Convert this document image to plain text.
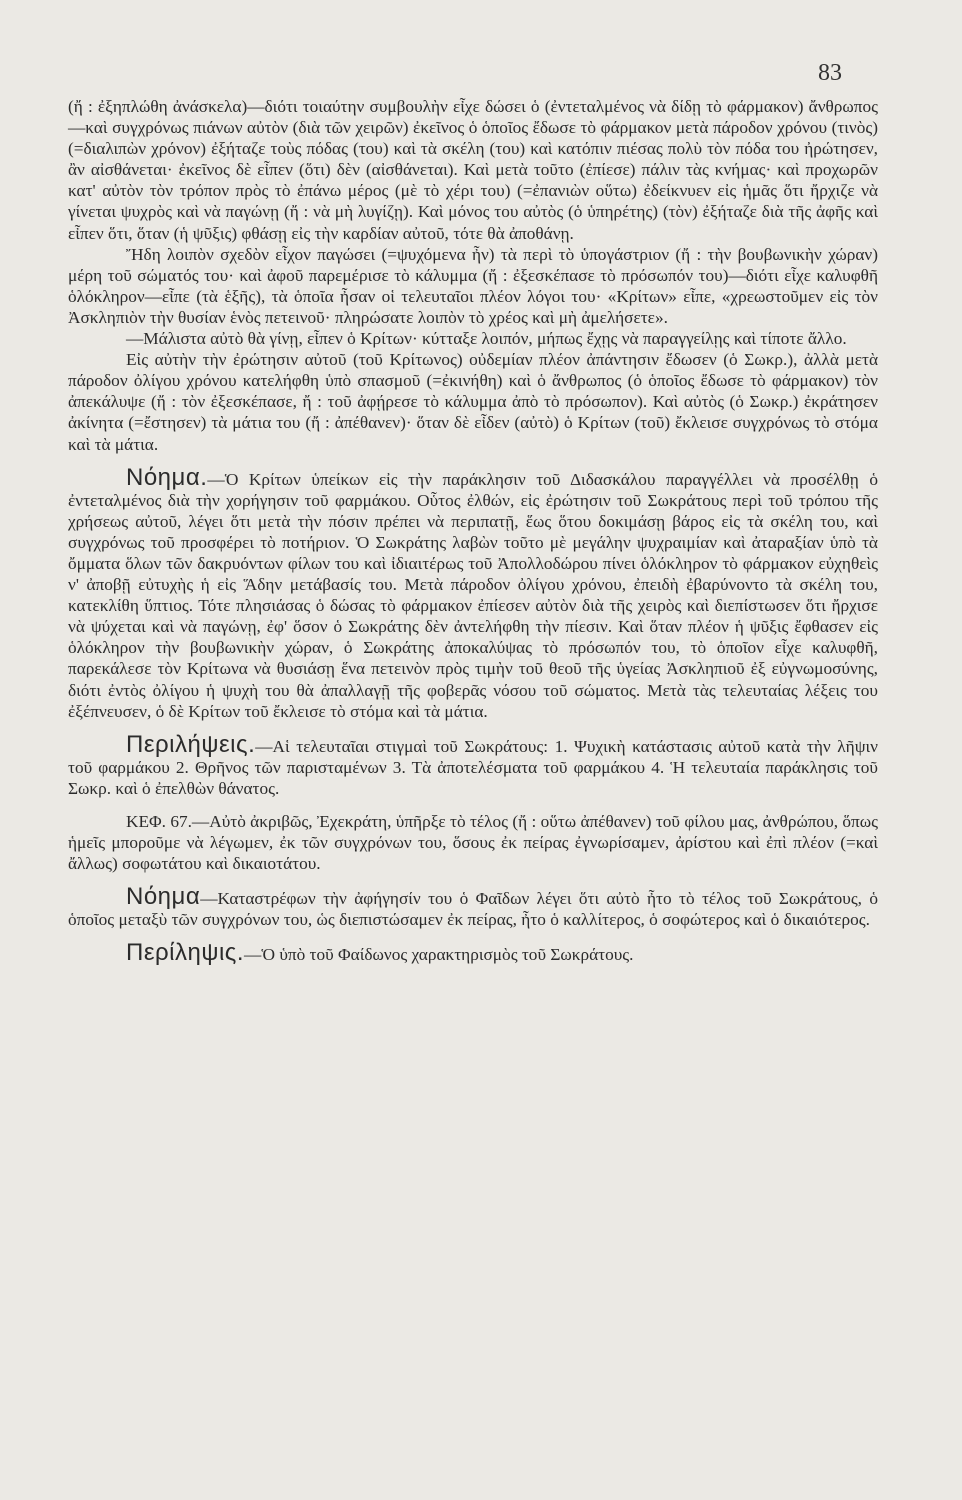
83

(ἤ : ἐξηπλώθη ἀνάσκελα)—διότι τοιαύτην συμβουλὴν εἶχε δώσει ὁ (ἐντεταλμένος νὰ δίδῃ τὸ φάρμακον) ἄνθρωπος—καὶ συγχρόνως πιάνων αὐτὸν (διὰ τῶν χειρῶν) ἐκεῖνος ὁ ὁποῖος ἔδωσε τὸ φάρμακον μετὰ πάροδον χρόνου (τινὸς) (=διαλιπὼν χρόνον) ἐξήταζε τοὺς πόδας (του) καὶ τὰ σκέλη (του) καὶ κατόπιν πιέσας πολὺ τὸν πόδα του ἠρώτησεν, ἂν αἰσθάνεται· ἐκεῖνος δὲ εἶπεν (ὅτι) δὲν (αἰσθάνεται). Καὶ μετὰ τοῦτο (ἐπίεσε) πάλιν τὰς κνήμας· καὶ προχωρῶν κατ' αὐτὸν τὸν τρόπον πρὸς τὸ ἐπάνω μέρος (μὲ τὸ χέρι του) (=ἐπανιὼν οὕτω) ἐδείκνυεν εἰς ἡμᾶς ὅτι ἤρχιζε νὰ γίνεται ψυχρὸς καὶ νὰ παγώνῃ (ἤ : νὰ μὴ λυγίζῃ). Καὶ μόνος του αὐτὸς (ὁ ὑπηρέτης) (τὸν) ἐξήταζε διὰ τῆς ἀφῆς καὶ εἶπεν ὅτι, ὅταν (ἡ ψῦξις) φθάσῃ εἰς τὴν καρδίαν αὐτοῦ, τότε θὰ ἀποθάνῃ.

Ἤδη λοιπὸν σχεδὸν εἶχον παγώσει (=ψυχόμενα ἦν) τὰ περὶ τὸ ὑπογάστριον (ἤ : τὴν βουβωνικὴν χώραν) μέρη τοῦ σώματός του· καὶ ἀφοῦ παρεμέρισε τὸ κάλυμμα (ἤ : ἐξεσκέπασε τὸ πρόσωπόν του)—διότι εἶχε καλυφθῆ ὁλόκληρον—εἶπε (τὰ ἑξῆς), τὰ ὁποῖα ἦσαν οἱ τελευταῖοι πλέον λόγοι του· «Κρίτων» εἶπε, «χρεωστοῦμεν εἰς τὸν Ἀσκληπιὸν τὴν θυσίαν ἑνὸς πετεινοῦ· πληρώσατε λοιπὸν τὸ χρέος καὶ μὴ ἀμελήσετε».

—Μάλιστα αὐτὸ θὰ γίνῃ, εἶπεν ὁ Κρίτων· κύτταξε λοιπόν, μήπως ἔχῃς νὰ παραγγείλῃς καὶ τίποτε ἄλλο.

Εἰς αὐτὴν τὴν ἐρώτησιν αὐτοῦ (τοῦ Κρίτωνος) οὐδεμίαν πλέον ἀπάντησιν ἔδωσεν (ὁ Σωκρ.), ἀλλὰ μετὰ πάροδον ὀλίγου χρόνου κατελήφθη ὑπὸ σπασμοῦ (=ἐκινήθη) καὶ ὁ ἄνθρωπος (ὁ ὁποῖος ἔδωσε τὸ φάρμακον) τὸν ἀπεκάλυψε (ἤ : τὸν ἐξεσκέπασε, ἤ : τοῦ ἀφῄρεσε τὸ κάλυμμα ἀπὸ τὸ πρόσωπον). Καὶ αὐτὸς (ὁ Σωκρ.) ἐκράτησεν ἀκίνητα (=ἔστησεν) τὰ μάτια του (ἤ : ἀπέθανεν)· ὅταν δὲ εἶδεν (αὐτὸ) ὁ Κρίτων (τοῦ) ἔκλεισε συγχρόνως τὸ στόμα καὶ τὰ μάτια.

Νόημα.—Ὁ Κρίτων ὑπείκων εἰς τὴν παράκλησιν τοῦ Διδασκάλου παραγγέλλει νὰ προσέλθῃ ὁ ἐντεταλμένος διὰ τὴν χορήγησιν τοῦ φαρμάκου. Οὗτος ἐλθών, εἰς ἐρώτησιν τοῦ Σωκράτους περὶ τοῦ τρόπου τῆς χρήσεως αὐτοῦ, λέγει ὅτι μετὰ τὴν πόσιν πρέπει νὰ περιπατῇ, ἕως ὅτου δοκιμάσῃ βάρος εἰς τὰ σκέλη του, καὶ συγχρόνως τοῦ προσφέρει τὸ ποτήριον. Ὁ Σωκράτης λαβὼν τοῦτο μὲ μεγάλην ψυχραιμίαν καὶ ἀταραξίαν ὑπὸ τὰ ὄμματα ὅλων τῶν δακρυόντων φίλων του καὶ ἰδιαιτέρως τοῦ Ἀπολλοδώρου πίνει ὁλόκληρον τὸ φάρμακον εὐχηθεὶς ν' ἀποβῇ εὐτυχὴς ἡ εἰς Ἅδην μετάβασίς του. Μετὰ πάροδον ὀλίγου χρόνου, ἐπειδὴ ἐβαρύνοντο τὰ σκέλη του, κατεκλίθη ὕπτιος. Τότε πλησιάσας ὁ δώσας τὸ φάρμακον ἐπίεσεν αὐτὸν διὰ τῆς χειρὸς καὶ διεπίστωσεν ὅτι ἤρχισε νὰ ψύχεται καὶ νὰ παγώνῃ, ἐφ' ὅσον ὁ Σωκράτης δὲν ἀντελήφθη τὴν πίεσιν. Καὶ ὅταν πλέον ἡ ψῦξις ἔφθασεν εἰς ὁλόκληρον τὴν βουβωνικὴν χώραν, ὁ Σωκράτης ἀποκαλύψας τὸ πρόσωπόν του, τὸ ὁποῖον εἶχε καλυφθῆ, παρεκάλεσε τὸν Κρίτωνα νὰ θυσιάσῃ ἕνα πετεινὸν πρὸς τιμὴν τοῦ θεοῦ τῆς ὑγείας Ἀσκληπιοῦ ἐξ εὐγνωμοσύνης, διότι ἐντὸς ὀλίγου ἡ ψυχὴ του θὰ ἀπαλλαγῇ τῆς φοβερᾶς νόσου τοῦ σώματος. Μετὰ τὰς τελευταίας λέξεις του ἐξέπνευσεν, ὁ δὲ Κρίτων τοῦ ἔκλεισε τὸ στόμα καὶ τὰ μάτια.

Περιλήψεις.—Αἱ τελευταῖαι στιγμαὶ τοῦ Σωκράτους: 1. Ψυχικὴ κατάστασις αὐτοῦ κατὰ τὴν λῆψιν τοῦ φαρμάκου 2. Θρῆνος τῶν παρισταμένων 3. Τὰ ἀποτελέσματα τοῦ φαρμάκου 4. Ἡ τελευταία παράκλησις τοῦ Σωκρ. καὶ ὁ ἐπελθὼν θάνατος.

ΚΕΦ. 67.—Αὐτὸ ἀκριβῶς, Ἐχεκράτη, ὑπῆρξε τὸ τέλος (ἤ : οὕτω ἀπέθανεν) τοῦ φίλου μας, ἀνθρώπου, ὅπως ἡμεῖς μποροῦμε νὰ λέγωμεν, ἐκ τῶν συγχρόνων του, ὅσους ἐκ πείρας ἐγνωρίσαμεν, ἀρίστου καὶ ἐπὶ πλέον (=καὶ ἄλλως) σοφωτάτου καὶ δικαιοτάτου.

Νόημα—Καταστρέφων τὴν ἀφήγησίν του ὁ Φαῖδων λέγει ὅτι αὐτὸ ἦτο τὸ τέλος τοῦ Σωκράτους, ὁ ὁποῖος μεταξὺ τῶν συγχρόνων του, ὡς διεπιστώσαμεν ἐκ πείρας, ἦτο ὁ καλλίτερος, ὁ σοφώτερος καὶ ὁ δικαιότερος.

Περίληψις.—Ὁ ὑπὸ τοῦ Φαίδωνος χαρακτηρισμὸς τοῦ Σωκράτους.
